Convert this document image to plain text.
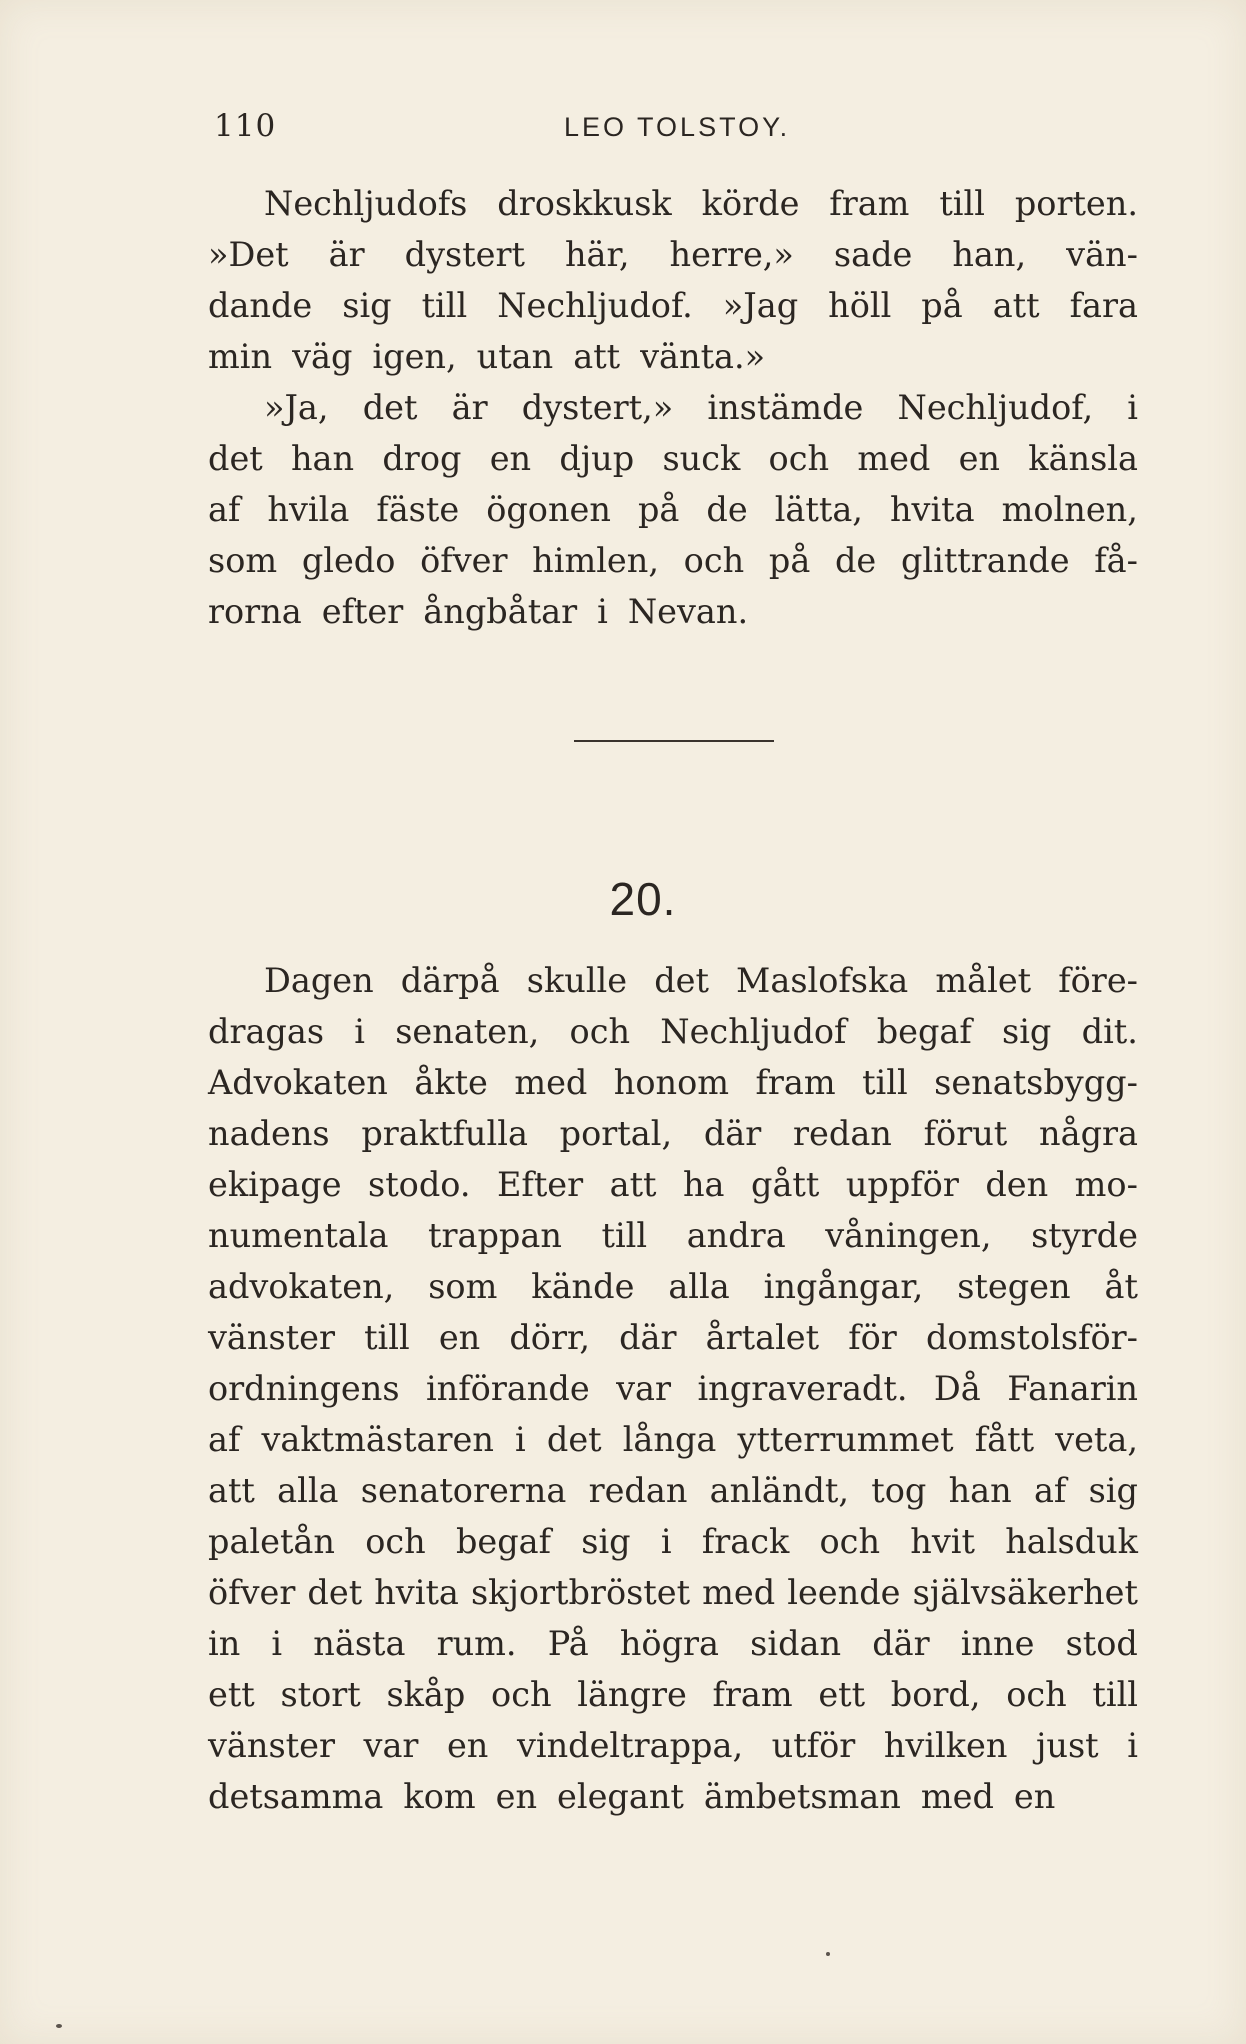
110	LEO TOLSTOY.
Nechljudofs droskkusk körde fram till porten.
»Det är dystert här, herre,» sade han, vän-
dande sig till Nechljudof. »Jag höll på att fara
min väg igen, utan att vänta.»
»Ja, det är dystert,» instämde Nechljudof, i
det han drog en djup suck och med en känsla
af hvila fäste ögonen på de lätta, hvita molnen,
som gledo öfver himlen, och på de glittrande få-
rorna efter ångbåtar i Nevan.
20.
Dagen därpå skulle det Maslofska målet före-
dragas i senaten, och Nechljudof begaf sig dit.
Advokaten åkte med honom fram till senatsbygg-
nadens praktfulla portal, där redan förut några
ekipage stodo. Efter att ha gått uppför den mo-
numentala trappan till andra våningen, styrde
advokaten, som kände alla ingångar, stegen åt
vänster till en dörr, där årtalet för domstolsför-
ordningens införande var ingraveradt. Då Fanarin
af vaktmästaren i det långa ytterrummet fått veta,
att alla senatorerna redan anländt, tog han af sig
paletån och begaf sig i frack och hvit halsduk
öfver det hvita skjortbröstet med leende självsäkerhet
in i nästa rum. På högra sidan där inne stod
ett stort skåp och längre fram ett bord, och till
vänster var en vindeltrappa, utför hvilken just i
detsamma kom en elegant ämbetsman med en
